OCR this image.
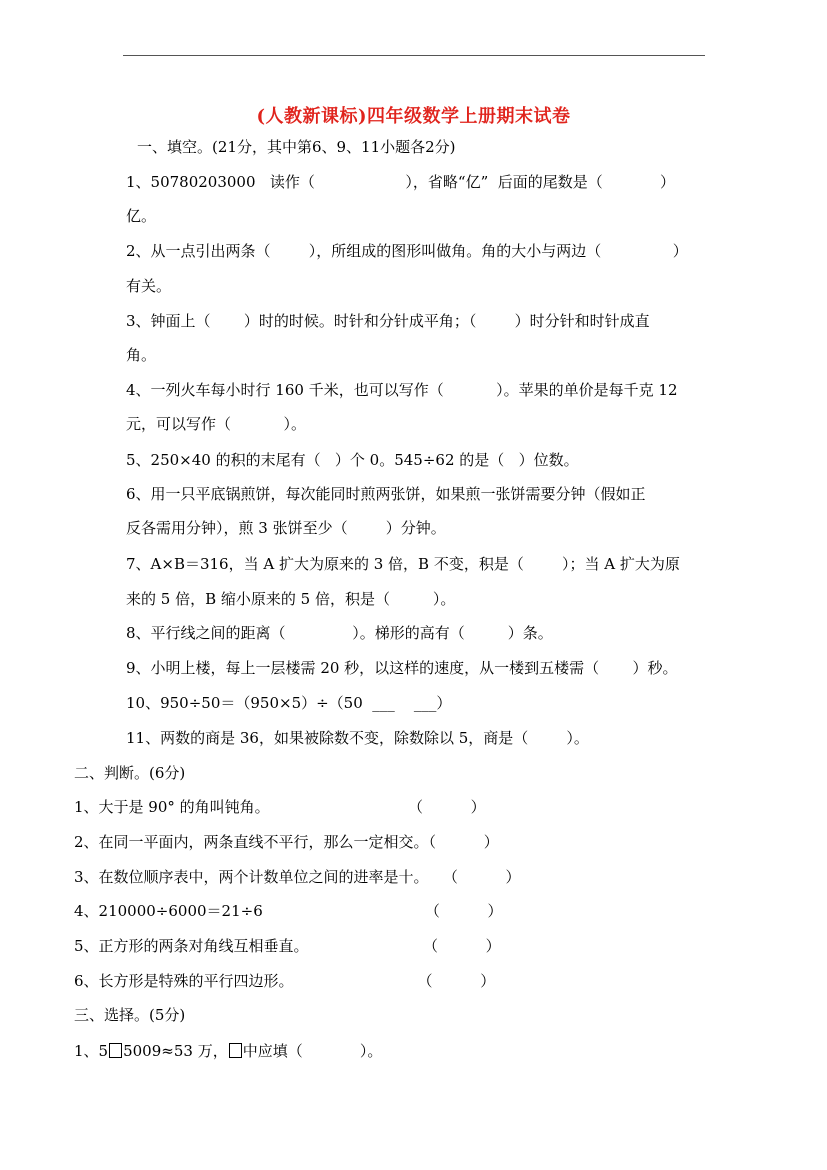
(人教新课标)四年级数学上册期末试卷
一、填空。(21分，其中第6、9、11小题各2分)
1、50780203000   读作（                   ），省略“亿”  后面的尾数是（            ）
亿。
2、从一点引出两条（        ），所组成的图形叫做角。角的大小与两边（               ）
有关。
3、钟面上（       ）时的时候。时针和分针成平角；（        ）时分针和时针成直
角。
4、一列火车每小时行 160 千米，也可以写作（           ）。苹果的单价是每千克 12
元，可以写作（           ）。
5、250×40 的积的末尾有（   ）个 0。545÷62 的是（   ）位数。
6、用一只平底锅煎饼，每次能同时煎两张饼，如果煎一张饼需要分钟（假如正
反各需用分钟），煎 3 张饼至少（        ）分钟。
7、A×B＝316，当 A 扩大为原来的 3 倍，B 不变，积是（        ）；当 A 扩大为原
来的 5 倍，B 缩小原来的 5 倍，积是（         ）。
8、平行线之间的距离（              ）。梯形的高有（         ）条。
9、小明上楼，每上一层楼需 20 秒，以这样的速度，从一楼到五楼需（       ）秒。
10、950÷50＝（950×5）÷（50  ___    ___）
11、两数的商是 36，如果被除数不变，除数除以 5，商是（        ）。
二、判断。(6分)
1、大于是 90° 的角叫钝角。                             （          ）
2、在同一平面内，两条直线不平行，那么一定相交。（          ）
3、在数位顺序表中，两个计数单位之间的进率是十。   （          ）
4、210000÷6000＝21÷6                                  （          ）
5、正方形的两条对角线互相垂直。                        （          ）
6、长方形是特殊的平行四边形。                          （          ）
三、选择。(5分)
1、5 5009≈53 万， 中应填（            ）。
